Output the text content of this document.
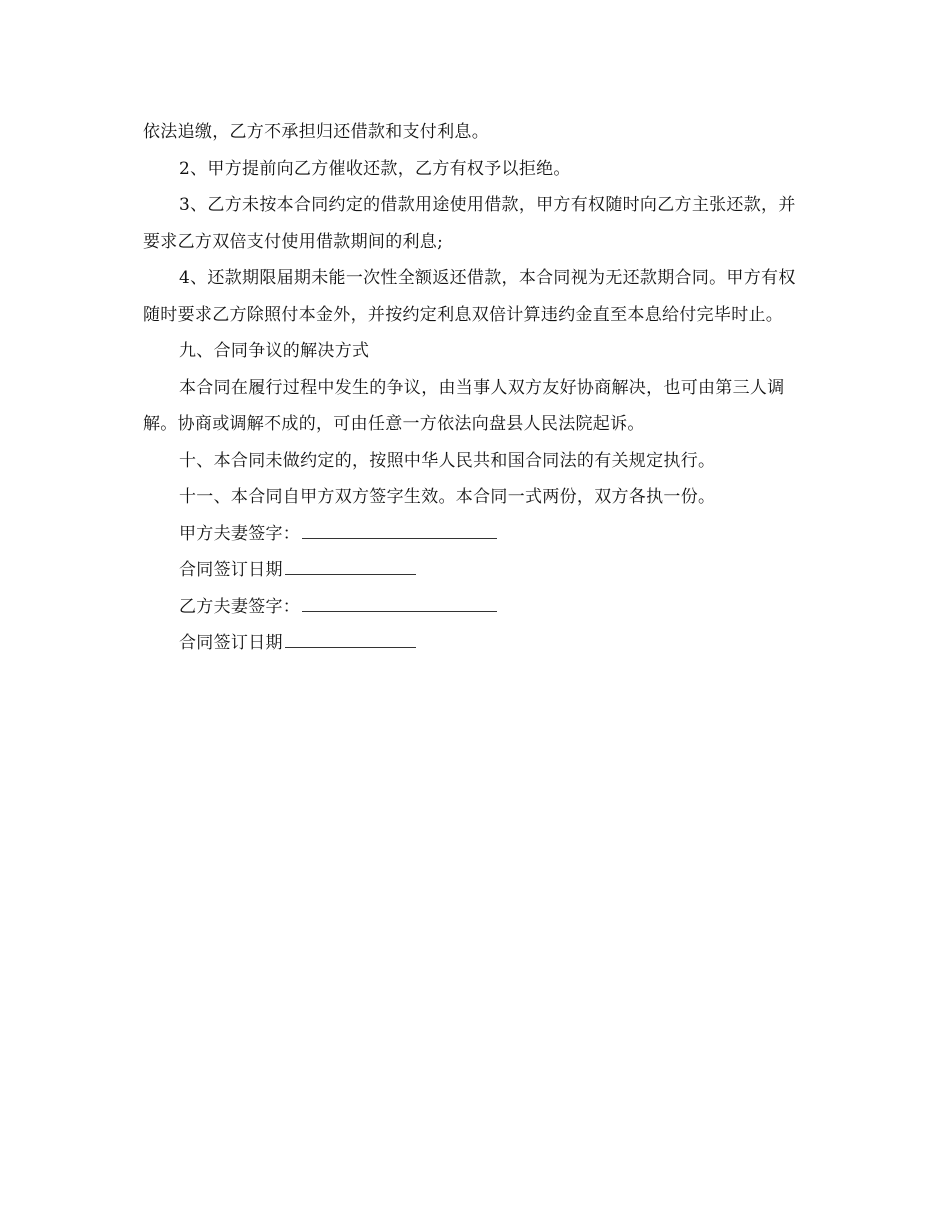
依法追缴，乙方不承担归还借款和支付利息。

2、甲方提前向乙方催收还款，乙方有权予以拒绝。

3、乙方未按本合同约定的借款用途使用借款，甲方有权随时向乙方主张还款，并要求乙方双倍支付使用借款期间的利息;

4、还款期限届期未能一次性全额返还借款，本合同视为无还款期合同。甲方有权随时要求乙方除照付本金外，并按约定利息双倍计算违约金直至本息给付完毕时止。

九、合同争议的解决方式

本合同在履行过程中发生的争议，由当事人双方友好协商解决，也可由第三人调解。协商或调解不成的，可由任意一方依法向盘县人民法院起诉。

十、本合同未做约定的，按照中华人民共和国合同法的有关规定执行。

十一、本合同自甲方双方签字生效。本合同一式两份，双方各执一份。

甲方夫妻签字：
合同签订日期
乙方夫妻签字：
合同签订日期
